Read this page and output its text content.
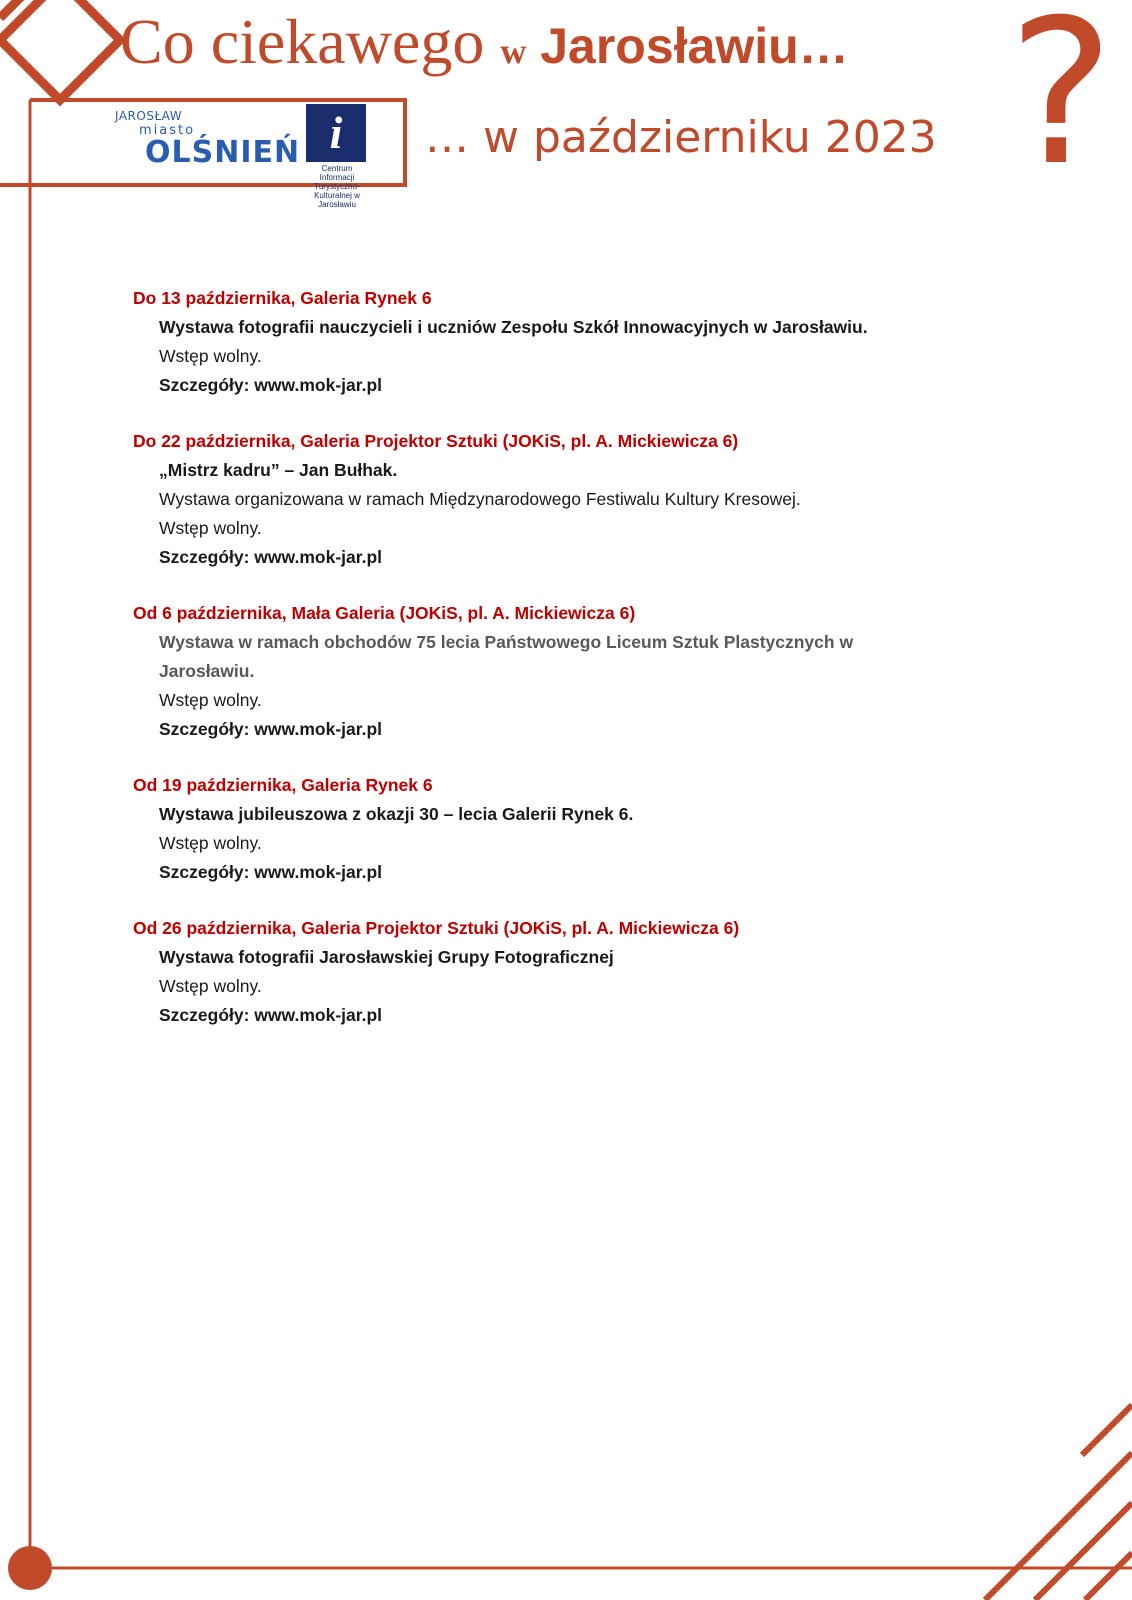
Co ciekawego w Jarosławiu… ?
… w październiku 2023
JAROSŁAW
miasto
OLŚNIEŃ i
Centrum Informacji Turystyczno-Kulturalnej w Jarosławiu
Do 13 października, Galeria Rynek 6
Wystawa fotografii nauczycieli i uczniów Zespołu Szkół Innowacyjnych w Jarosławiu.
Wstęp wolny.
Szczegóły: www.mok-jar.pl
Do 22 października, Galeria Projektor Sztuki (JOKiS, pl. A. Mickiewicza 6)
„Mistrz kadru” – Jan Bułhak.
Wystawa organizowana w ramach Międzynarodowego Festiwalu Kultury Kresowej.
Wstęp wolny.
Szczegóły: www.mok-jar.pl
Od 6 października, Mała Galeria (JOKiS, pl. A. Mickiewicza 6)
Wystawa w ramach obchodów 75 lecia Państwowego Liceum Sztuk Plastycznych w Jarosławiu.
Wstęp wolny.
Szczegóły: www.mok-jar.pl
Od 19 października, Galeria Rynek 6
Wystawa jubileuszowa z okazji 30 – lecia Galerii Rynek 6.
Wstęp wolny.
Szczegóły: www.mok-jar.pl
Od 26 października, Galeria Projektor Sztuki (JOKiS, pl. A. Mickiewicza 6)
Wystawa fotografii Jarosławskiej Grupy Fotograficznej
Wstęp wolny.
Szczegóły: www.mok-jar.pl
